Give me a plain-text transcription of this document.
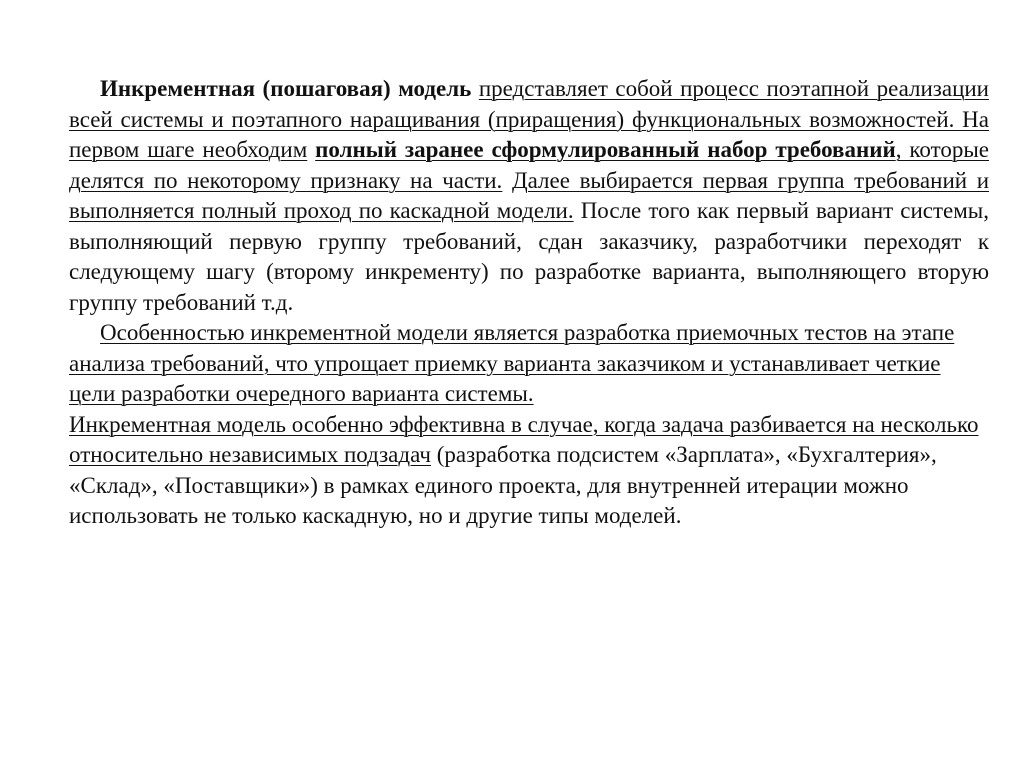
Инкрементная (пошаговая) модель представляет собой процесс поэтапной реализации всей системы и поэтапного наращивания (приращения) функциональных возможностей. На первом шаге необходим полный заранее сформулированный набор требований, которые делятся по некоторому признаку на части. Далее выбирается первая группа требований и выполняется полный проход по каскадной модели. После того как первый вариант системы, выполняющий первую группу требований, сдан заказчику, разработчики переходят к следующему шагу (второму инкременту) по разработке варианта, выполняющего вторую группу требований т.д.

Особенностью инкрементной модели является разработка приемочных тестов на этапе анализа требований, что упрощает приемку варианта заказчиком и устанавливает четкие цели разработки очередного варианта системы.

Инкрементная модель особенно эффективна в случае, когда задача разбивается на несколько относительно независимых подзадач (разработка подсистем «Зарплата», «Бухгалтерия», «Склад», «Поставщики») в рамках единого проекта, для внутренней итерации можно использовать не только каскадную, но и другие типы моделей.
